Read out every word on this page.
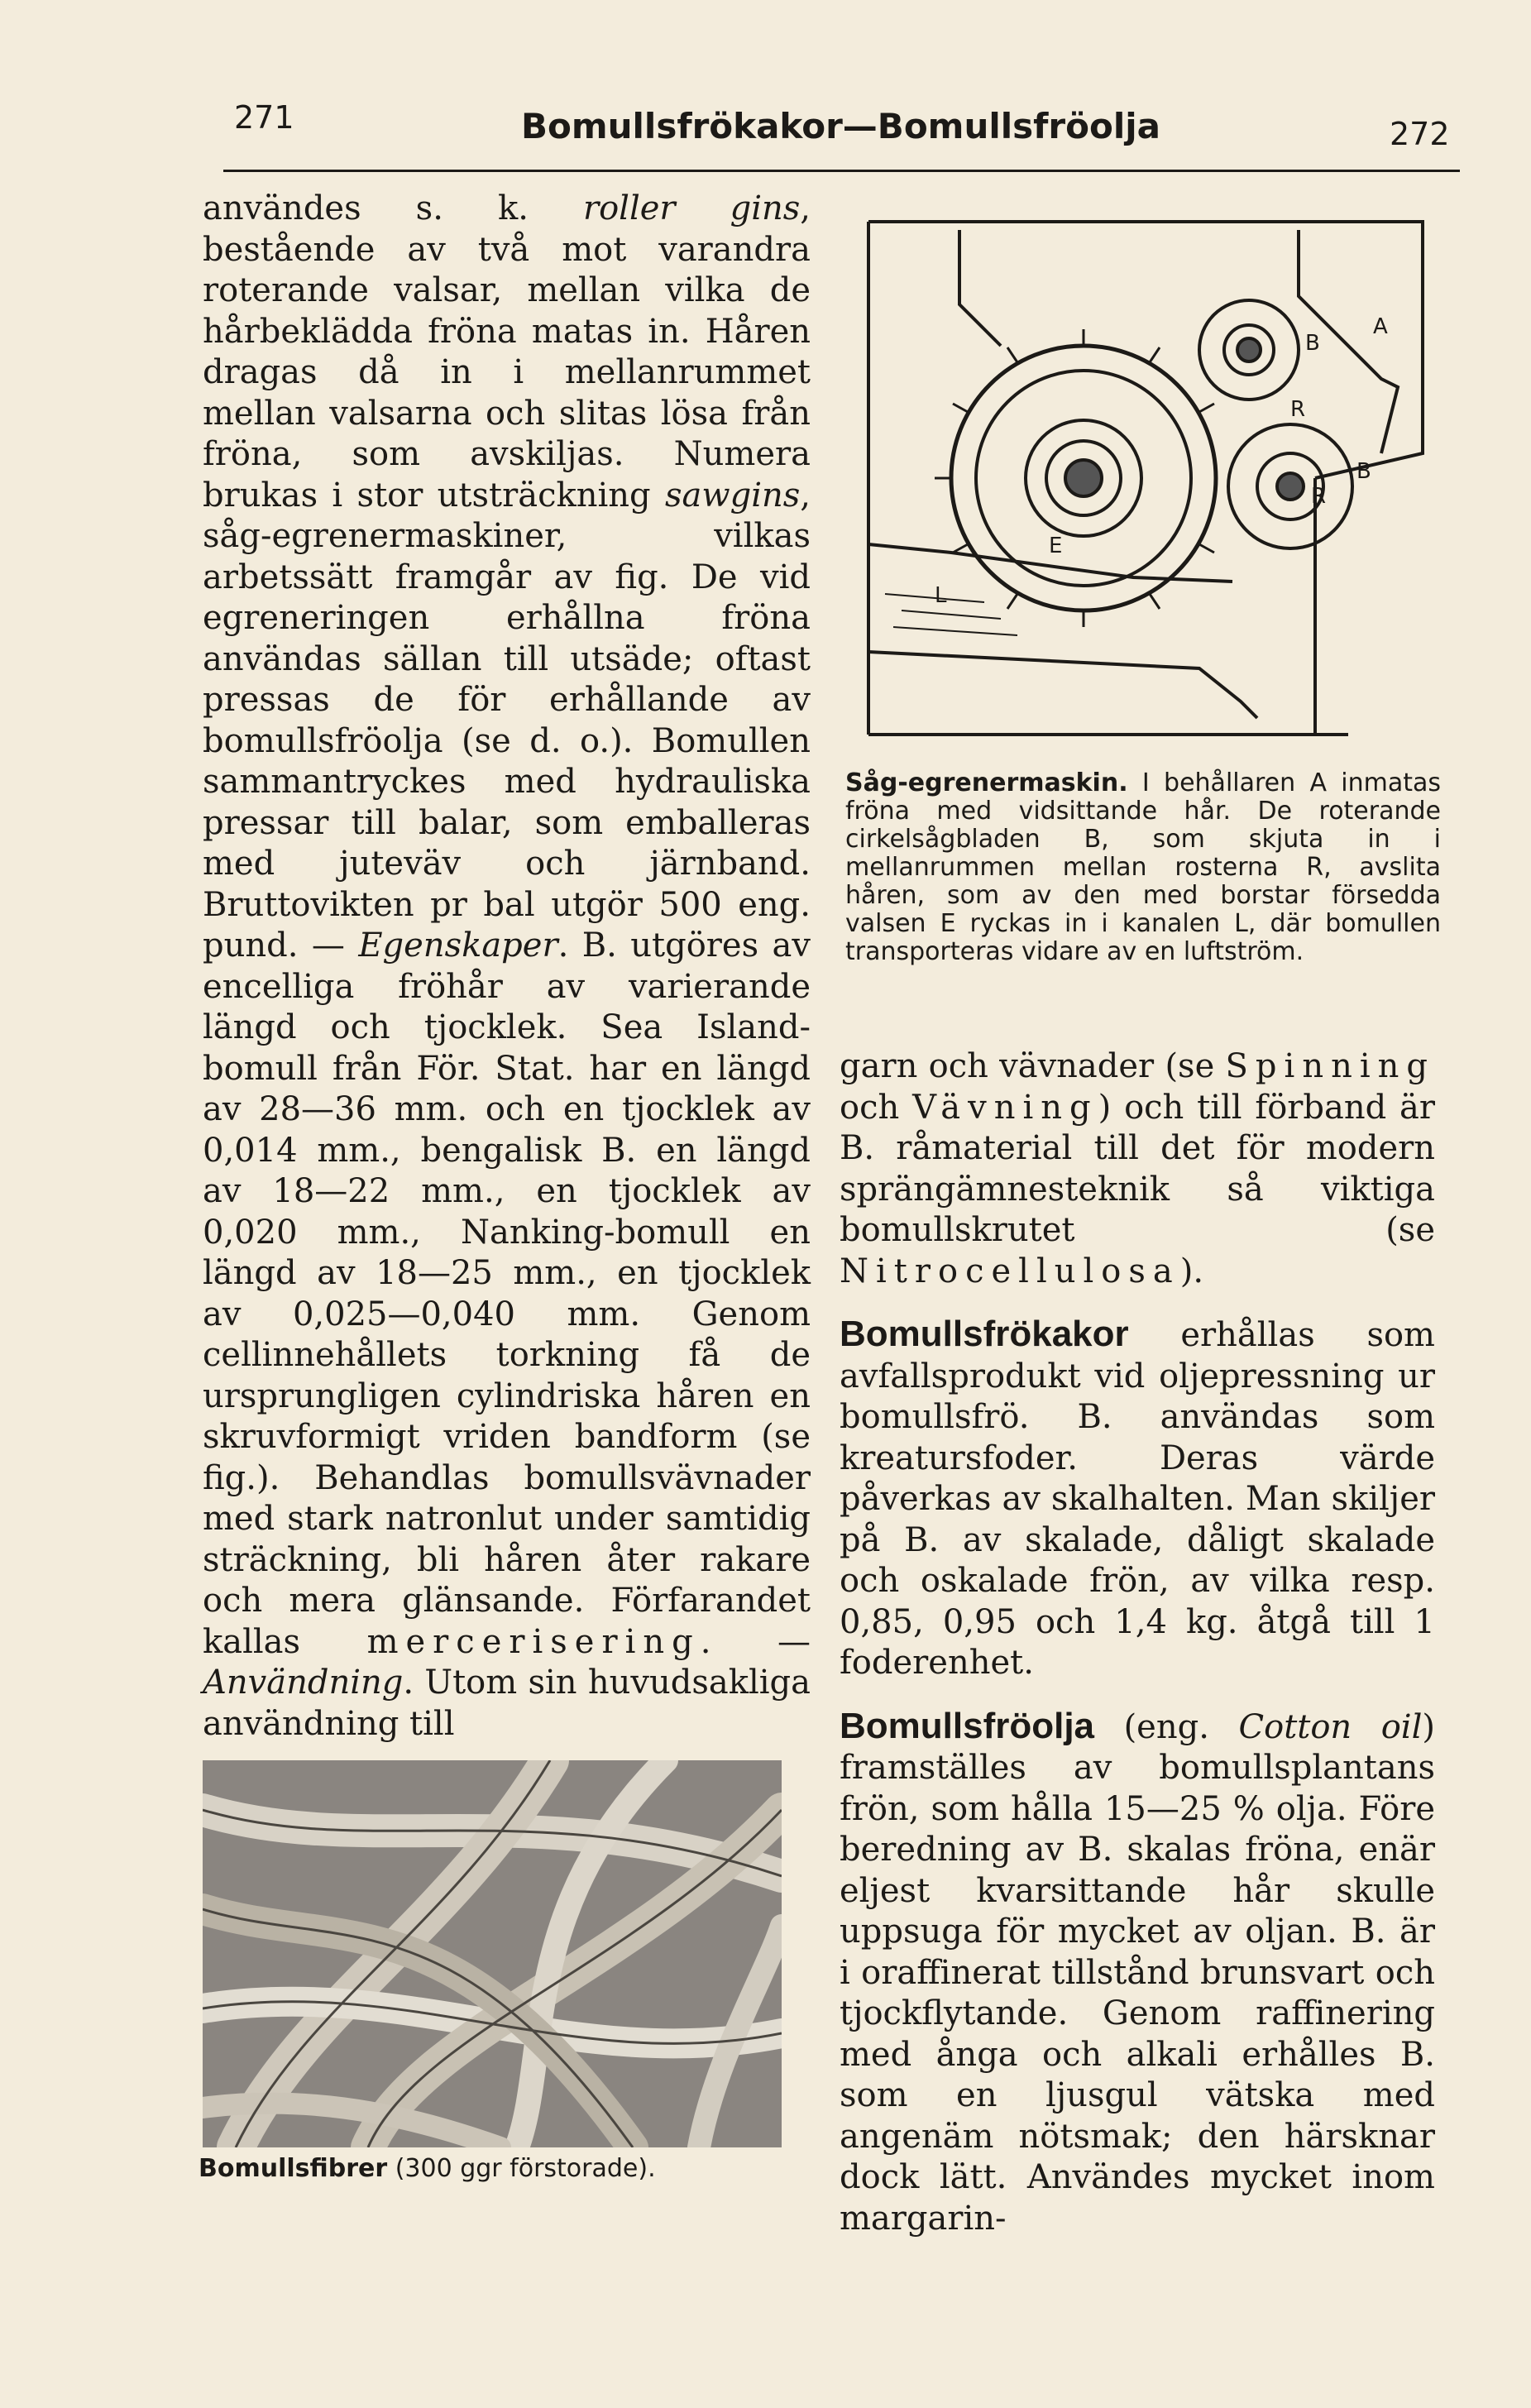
271	Bomullsfrökakor—Bomullsfröolja	272

användes s. k. roller gins, bestående av två mot varandra roterande valsar, mellan vilka de hårbeklädda fröna matas in. Håren dragas då in i mellanrummet mellan valsarna och slitas lösa från fröna, som avskiljas. Numera brukas i stor utsträckning sawgins, såg-egrenermaskiner, vilkas arbetssätt framgår av fig. De vid egreneringen erhållna fröna användas sällan till utsäde; oftast pressas de för erhållande av bomullsfröolja (se d. o.). Bomullen sammantryckes med hydrauliska pressar till balar, som emballeras med juteväv och järnband. Bruttovikten pr bal utgör 500 eng. pund. — Egenskaper. B. utgöres av encelliga fröhår av varierande längd och tjocklek. Sea Island-bomull från För. Stat. har en längd av 28—36 mm. och en tjocklek av 0,014 mm., bengalisk B. en längd av 18—22 mm., en tjocklek av 0,020 mm., Nanking-bomull en längd av 18—25 mm., en tjocklek av 0,025—0,040 mm. Genom cellinnehållets torkning få de ursprungligen cylindriska håren en skruvformigt vriden bandform (se fig.). Behandlas bomullsvävnader med stark natronlut under samtidig sträckning, bli håren åter rakare och mera glänsande. Förfarandet kallas mercerisering. — Användning. Utom sin huvudsakliga användning till

A
B
B
R
R
E
L
Såg-egrenermaskin. I behållaren A inmatas fröna med vidsittande hår. De roterande cirkelsågbladen B, som skjuta in i mellanrummen mellan rosterna R, avslita håren, som av den med borstar försedda valsen E ryckas in i kanalen L, där bomullen transporteras vidare av en luftström.

garn och vävnader (se Spinning och Vävning) och till förband är B. råmaterial till det för modern sprängämnesteknik så viktiga bomullskrutet (se Nitrocellulosa).

Bomullsfrökakor erhållas som avfallsprodukt vid oljepressning ur bomullsfrö. B. användas som kreatursfoder. Deras värde påverkas av skalhalten. Man skiljer på B. av skalade, dåligt skalade och oskalade frön, av vilka resp. 0,85, 0,95 och 1,4 kg. åtgå till 1 foderenhet.

Bomullsfröolja (eng. Cotton oil) framställes av bomullsplantans frön, som hålla 15—25 % olja. Före beredning av B. skalas fröna, enär eljest kvarsittande hår skulle uppsuga för mycket av oljan. B. är i oraffinerat tillstånd brunsvart och tjockflytande. Genom raffinering med ånga och alkali erhålles B. som en ljusgul vätska med angenäm nötsmak; den härsknar dock lätt. Användes mycket inom margarin-

Bomullsfibrer (300 ggr förstorade).
